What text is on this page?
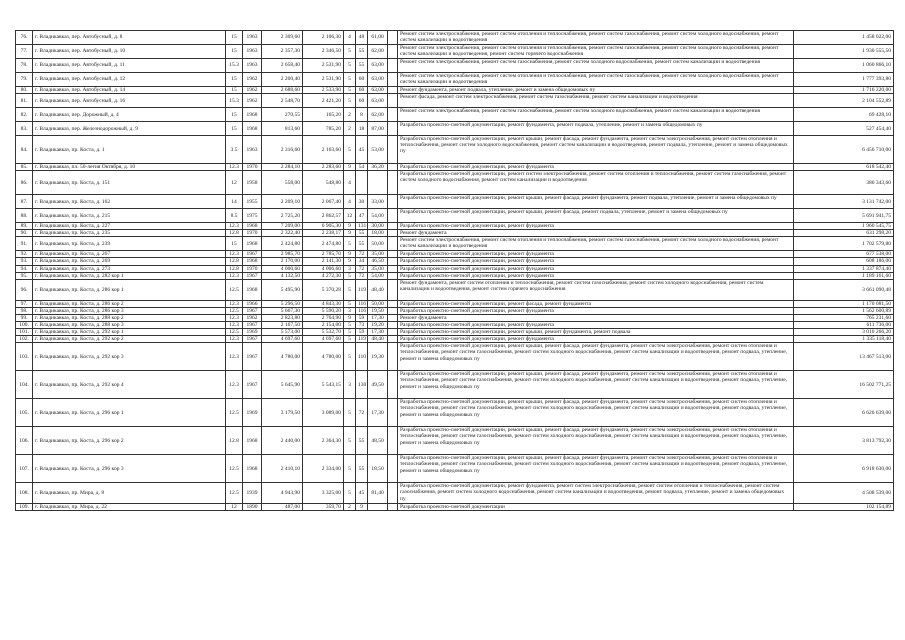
76.	г. Владикавказ, пер. Автобусный, д. 8	15	1963	2 309,60	2 106,30	4	48	61,00		Ремонт систем электроснабжения, ремонт систем отопления и теплоснабжения, ремонт систем газоснабжения, ремонт систем холодного водоснабжения, ремонт систем канализации и водоотведения	1 458 022,00
77.	г. Владикавказ, пер. Автобусный, д. 10	15	1963	2 357,30	2 346,50	5	55	62,00		Ремонт систем электроснабжения, ремонт систем отопления и теплоснабжения, ремонт систем газоснабжения, ремонт систем холодного водоснабжения, ремонт систем канализации и водоотведения, ремонт систем горячего водоснабжения	1 930 555,50
78.	г. Владикавказ, пер. Автобусный, д. 11	15.3	1963	2 658,40	2 531,90	5	55	63,00		Ремонт систем электроснабжения, ремонт систем газоснабжения, ремонт систем холодного водоснабжения, ремонт систем канализации и водоотведения	1 060 866,10
79.	г. Владикавказ, пер. Автобусный, д. 12	15	1962	2 200,40	2 531,90	5	60	63,00		Ремонт систем электроснабжения, ремонт систем отопления и теплоснабжения, ремонт систем газоснабжения, ремонт систем холодного водоснабжения, ремонт систем канализации и водоотведения	1 777 393,80
80.	г. Владикавказ, пер. Автобусный, д. 14	15	1962	2 688,60	2 533,90	5	60	63,00		Ремонт фундамента, ремонт подвала, утепление, ремонт и замена общедомовых пу	1 716 220,00
81.	г. Владикавказ, пер. Автобусный, д. 16	15.3	1962	2 548,70	2 421,20	5	60	63,00		Ремонт фасада, ремонт систем электроснабжения, ремонт систем газоснабжения, ремонт систем канализации и водоотведения	2 104 552,89
82.	г. Владикавказ, пер. Дорожный, д. 4	15	1968	270,55	165,20	2	8	62,00		Ремонт систем электроснабжения, ремонт систем газоснабжения, ремонт систем холодного водоснабжения, ремонт систем канализации и водоотведения	69 428,10
83.	г. Владикавказ, пер. Железнодорожный, д. 9	15	1968	813,60	785,20	2	18	87,00		Разработка проектно-сметной документации, ремонт фундамента, ремонт подвала, утепление, ремонт и замена общедомовых пу	527 454,40
84.	г. Владикавказ, пр. Коста, д. 1	3.5	1963	2 316,60	2 163,60	5	45	53,00		Разработка проектно-сметной документации, ремонт крыши, ремонт фасада, ремонт фундамента, ремонт систем электроснабжения, ремонт систем отопления и теплоснабжения, ремонт систем холодного водоснабжения, ремонт систем канализации и водоотведения, ремонт подвала, утепление, ремонт и замена общедомовых пу	6 456 710,00
85.	г. Владикавказ, пл. 50-летия Октября, д. 10	12.3	1970	2 284,10	2 283,60	9	54	36,20		Разработка проектно-сметной документации, ремонт фундамента	618 542,40
86.	г. Владикавказ, пр. Коста, д. 151	12	1958	558,00	548,80	4				Разработка проектно-сметной документации, ремонт систем электроснабжения, ремонт систем отопления и теплоснабжения, ремонт систем газоснабжения, ремонт систем холодного водоснабжения, ремонт систем канализации и водоотведения	380 343,60
87.	г. Владикавказ, пр. Коста, д. 162	14	1955	2 209,10	2 067,40	4	30	33,00		Разработка проектно-сметной документации, ремонт крыши, ремонт фасада, ремонт фундамента, ремонт подвала, утепление, ремонт и замена общедомовых пу	3 131 742,00
88.	г. Владикавказ, пр. Коста, д. 215	8.5	1975	2 725,20	2 862,57	12	47	54,00		Разработка проектно-сметной документации, ремонт крыши, ремонт фасада, ремонт подвала, утепление, ремонт и замена общедомовых пу	5 691 941,75
89.	г. Владикавказ, пр. Коста, д. 227	12.3	1968	7 209,00	6 905,30	9	131	30,00		Разработка проектно-сметной документации, ремонт фундамента	1 960 545,75
90.	г. Владикавказ, пр. Коста, д. 235	12.8	1970	2 322,40	2 238,17	9	55	18,00		Ремонт фундамента	631 298,20
91.	г. Владикавказ, пр. Коста, д. 239	15	1968	2 424,80	2 474,80	5	55	50,00		Ремонт систем электроснабжения, ремонт систем отопления и теплоснабжения, ремонт систем газоснабжения, ремонт систем холодного водоснабжения, ремонт систем канализации и водоотведения	1 702 579,80
92.	г. Владикавказ, пр. Коста, д. 267	12.3	1967	2 985,70	2 785,70	9	72	35,00		Разработка проектно-сметной документации, ремонт фундамента	677 538,00
93.	г. Владикавказ, пр. Коста, д. 269	12.8	1968	2 170,00	2 141,30	9	34	46,50		Разработка проектно-сметной документации, ремонт фундамента	608 186,00
94.	г. Владикавказ, пр. Коста, д. 273	12.8	1970	4 000,60	4 006,60	3	72	35,00		Разработка проектно-сметной документации, ремонт фундамента	1 337 874,40
95.	г. Владикавказ, пр. Коста, д. 282 кор 1	12.3	1967	4 132,50	4 272,30	5	72	54,00		Разработка проектно-сметной документации, ремонт фундамента	1 189 161,60
96.	г. Владикавказ, пр. Коста, д. 286 кор 1	12.5	1968	5 495,90	5 370,28	5	119	48,40		Ремонт фундамента, ремонт систем отопления и теплоснабжения, ремонт систем газоснабжения, ремонт систем холодного водоснабжения, ремонт систем канализации и водоотведения, ремонт систем горячего водоснабжения	3 661 090,48
97.	г. Владикавказ, пр. Коста, д. 286 кор 2	12.3	1966	5 296,50	4 843,30	5	116	50,00		Разработка проектно-сметной документации, ремонт фасада, ремонт фундамента	1 170 081,50
98.	г. Владикавказ, пр. Коста, д. 286 кор 3	12.5	1967	5 667,30	5 590,20	3	116	19,50		Разработка проектно-сметной документации, ремонт фундамента	1 562 600,89
99.	г. Владикавказ, пр. Коста, д. 288 кор 2	12.3	1962	2 823,80	2 764,90	9	59	17,30		Ремонт фундамента	765 231,60
100.	г. Владикавказ, пр. Коста, д. 288 кор 3	12.3	1967	2 167,50	2 154,00	5	73	19,20		Разработка проектно-сметной документации, ремонт фундамента	611 736,00
101.	г. Владикавказ, пр. Коста, д. 292 кор 1	12.5	1969	5 573,00	5 532,70	5	59	17,30		Разработка проектно-сметной документации, ремонт крыши, ремонт фундамента, ремонт подвала	3 010 266,20
102.	г. Владикавказ, пр. Коста, д. 292 кор 2	12.3	1967	4 697,60	4 697,60	5	119	48,40		Разработка проектно-сметной документации, ремонт фундамента	1 335 118,40
103.	г. Владикавказ, пр. Коста, д. 292 кор 3	12.3	1967	4 780,00	4 780,00	5	110	19,30		Разработка проектно-сметной документации, ремонт крыши, ремонт фасада, ремонт фундамента, ремонт систем электроснабжения, ремонт систем отопления и теплоснабжения, ремонт систем газоснабжения, ремонт систем холодного водоснабжения, ремонт систем канализации и водоотведения, ремонт подвала, утепление, ремонт и замена общедомовых пу	13 467 513,00
104.	г. Владикавказ, пр. Коста, д. 292 кор 4	12.3	1967	5 645,90	5 543,15	3	130	49,50		Разработка проектно-сметной документации, ремонт крыши, ремонт фасада, ремонт фундамента, ремонт систем электроснабжения, ремонт систем отопления и теплоснабжения, ремонт систем газоснабжения, ремонт систем холодного водоснабжения, ремонт систем канализации и водоотведения, ремонт подвала, утепление, ремонт и замена общедомовых пу	16 502 771,25
105.	г. Владикавказ, пр. Коста, д. 296 кор 1	12.5	1969	3 179,50	3 089,00	5	72	17,30		Разработка проектно-сметной документации, ремонт крыши, ремонт фасада, ремонт фундамента, ремонт систем электроснабжения, ремонт систем отопления и теплоснабжения, ремонт систем газоснабжения, ремонт систем холодного водоснабжения, ремонт систем канализации и водоотведения, ремонт подвала, утепление, ремонт и замена общедомовых пу	6 626 639,00
106.	г. Владикавказ, пр. Коста, д. 296 кор 2	12.8	1968	2 440,00	2 364,30	5	55	48,50		Разработка проектно-сметной документации, ремонт крыши, ремонт фасада, ремонт фундамента, ремонт систем электроснабжения, ремонт систем отопления и теплоснабжения, ремонт систем газоснабжения, ремонт систем холодного водоснабжения, ремонт систем канализации и водоотведения, ремонт подвала, утепление, ремонт и замена общедомовых пу	3 813 792,30
107.	г. Владикавказ, пр. Коста, д. 296 кор 3	12.5	1968	2 410,10	2 334,00	5	55	18,50		Разработка проектно-сметной документации, ремонт крыши, ремонт фасада, ремонт фундамента, ремонт систем электроснабжения, ремонт систем отопления и теплоснабжения, ремонт систем газоснабжения, ремонт систем холодного водоснабжения, ремонт систем канализации и водоотведения, ремонт подвала, утепление, ремонт и замена общедомовых пу	6 918 630,00
108.	г. Владикавказ, пр. Мира, д. 8	12.5	1939	4 943,90	3 325,00	5	45	81,40		Разработка проектно-сметной документации, ремонт фундамента, ремонт систем электроснабжения, ремонт систем отопления и теплоснабжения, ремонт систем газоснабжения, ремонт систем холодного водоснабжения, ремонт систем канализации и водоотведения, ремонт подвала, утепление, ремонт и замена общедомовых пу	4 508 539,00
109.	г. Владикавказ, пр. Мира, д. 22	12	1890	487,00	359,70	2	9			Разработка проектно-сметной документации	102 154,89
